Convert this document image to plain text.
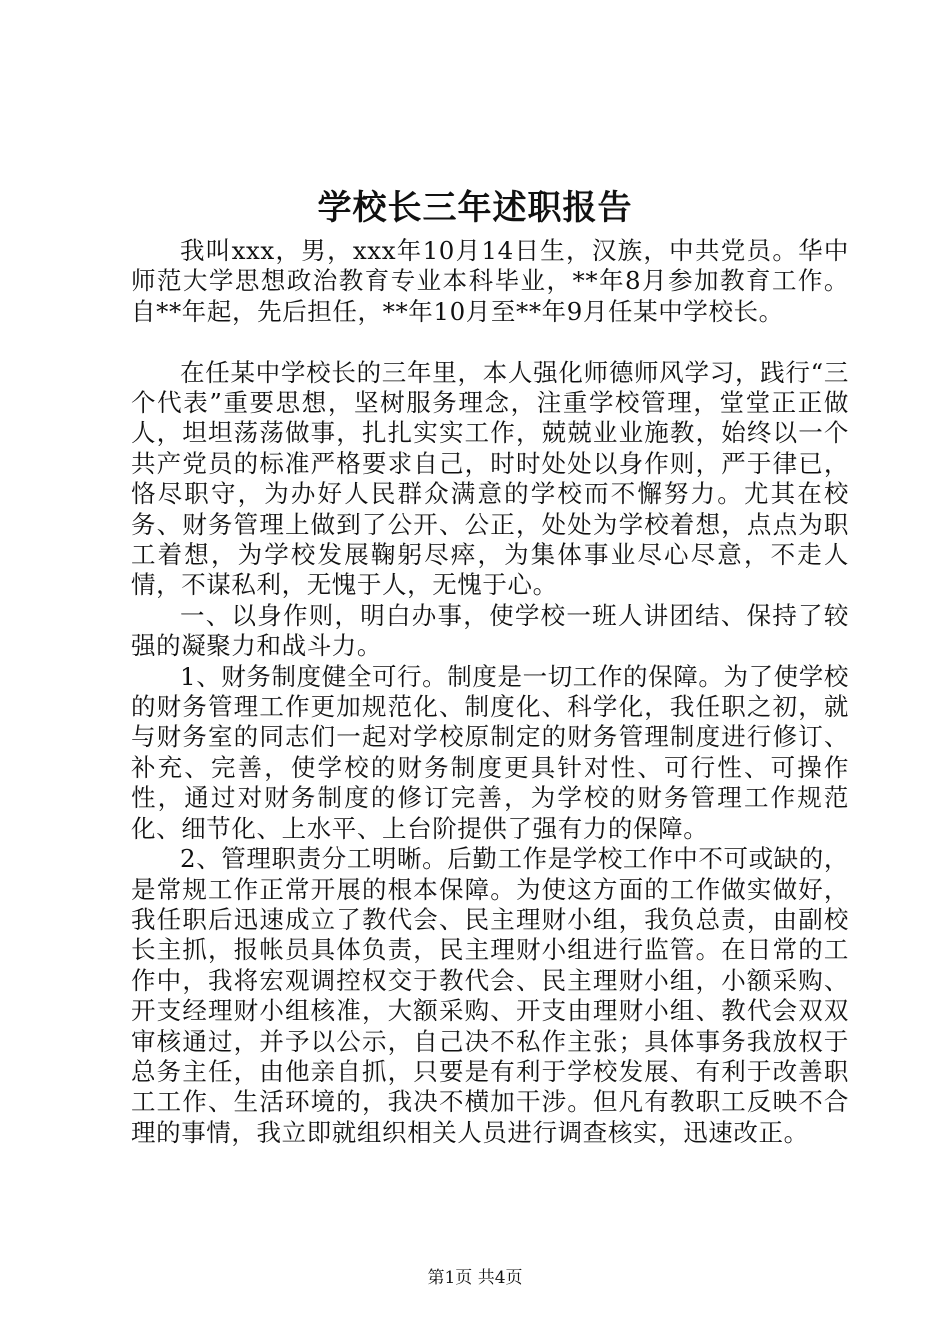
学校长三年述职报告

我叫xxx，男，xxx年10月14日生，汉族，中共党员。华中师范大学思想政治教育专业本科毕业，**年8月参加教育工作。自**年起，先后担任，**年10月至**年9月任某中学校长。

在任某中学校长的三年里，本人强化师德师风学习，践行“三个代表”重要思想，坚树服务理念，注重学校管理，堂堂正正做人，坦坦荡荡做事，扎扎实实工作，兢兢业业施教，始终以一个共产党员的标准严格要求自己，时时处处以身作则，严于律已，恪尽职守，为办好人民群众满意的学校而不懈努力。尤其在校务、财务管理上做到了公开、公正，处处为学校着想，点点为职工着想，为学校发展鞠躬尽瘁，为集体事业尽心尽意，不走人情，不谋私利，无愧于人，无愧于心。

一、以身作则，明白办事，使学校一班人讲团结、保持了较强的凝聚力和战斗力。

1、财务制度健全可行。制度是一切工作的保障。为了使学校的财务管理工作更加规范化、制度化、科学化，我任职之初，就与财务室的同志们一起对学校原制定的财务管理制度进行修订、补充、完善，使学校的财务制度更具针对性、可行性、可操作性，通过对财务制度的修订完善，为学校的财务管理工作规范化、细节化、上水平、上台阶提供了强有力的保障。

2、管理职责分工明晰。后勤工作是学校工作中不可或缺的，是常规工作正常开展的根本保障。为使这方面的工作做实做好，我任职后迅速成立了教代会、民主理财小组，我负总责，由副校长主抓，报帐员具体负责，民主理财小组进行监管。在日常的工作中，我将宏观调控权交于教代会、民主理财小组，小额采购、开支经理财小组核准，大额采购、开支由理财小组、教代会双双审核通过，并予以公示，自己决不私作主张；具体事务我放权于总务主任，由他亲自抓，只要是有利于学校发展、有利于改善职工工作、生活环境的，我决不横加干涉。但凡有教职工反映不合理的事情，我立即就组织相关人员进行调查核实，迅速改正。

第1页 共4页
